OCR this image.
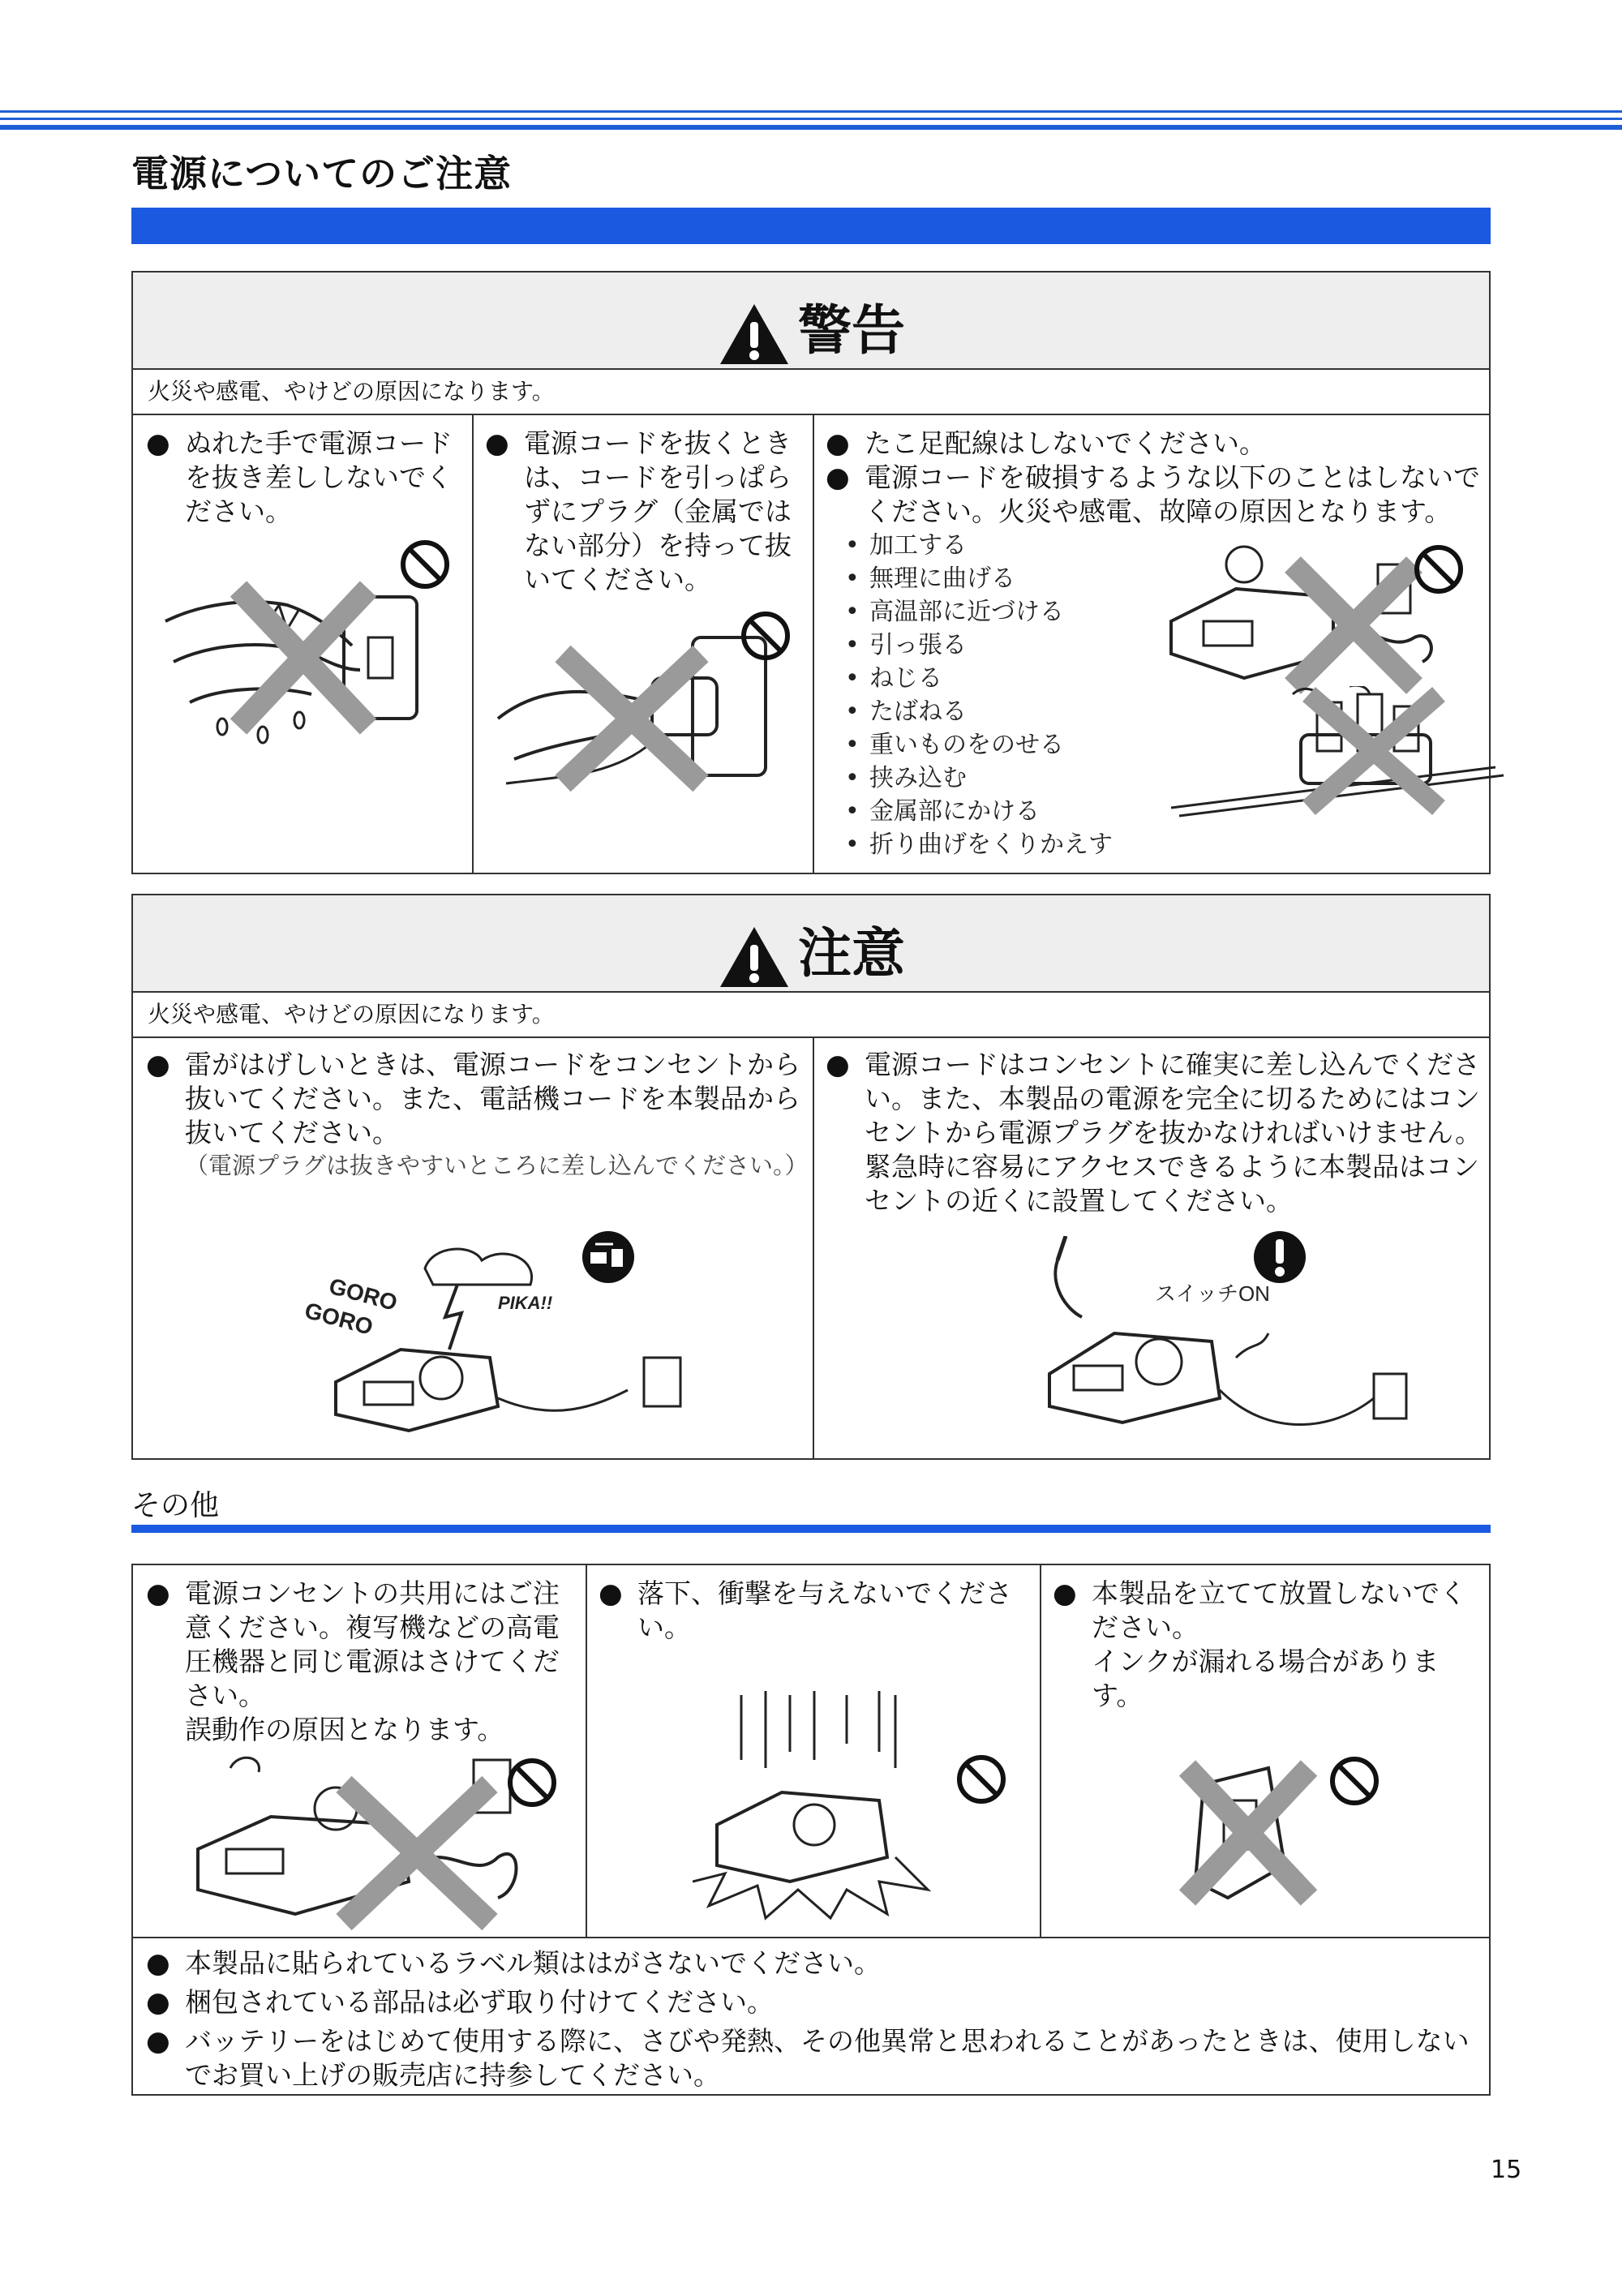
電源についてのご注意
警告
火災や感電、やけどの原因になります。
● ぬれた手で電源コードを抜き差ししないでください。
● 電源コードを抜くときは、コードを引っぱらずにプラグ（金属ではない部分）を持って抜いてください。
● たこ足配線はしないでください。
● 電源コードを破損するような以下のことはしないでください。火災や感電、故障の原因となります。
• 加工する
• 無理に曲げる
• 高温部に近づける
• 引っ張る
• ねじる
• たばねる
• 重いものをのせる
• 挟み込む
• 金属部にかける
• 折り曲げをくりかえす
注意
火災や感電、やけどの原因になります。
● 雷がはげしいときは、電源コードをコンセントから抜いてください。また、電話機コードを本製品から抜いてください。
（電源プラグは抜きやすいところに差し込んでください。）
GORO
GORO	PIKA!!
● 電源コードはコンセントに確実に差し込んでください。また、本製品の電源を完全に切るためにはコンセントから電源プラグを抜かなければいけません。緊急時に容易にアクセスできるように本製品はコンセントの近くに設置してください。
スイッチON
その他
● 電源コンセントの共用にはご注意ください。複写機などの高電圧機器と同じ電源はさけてください。
誤動作の原因となります。
● 落下、衝撃を与えないでください。
● 本製品を立てて放置しないでください。
インクが漏れる場合があります。
● 本製品に貼られているラベル類ははがさないでください。
● 梱包されている部品は必ず取り付けてください。
● バッテリーをはじめて使用する際に、さびや発熱、その他異常と思われることがあったときは、使用しないでお買い上げの販売店に持参してください。
15
